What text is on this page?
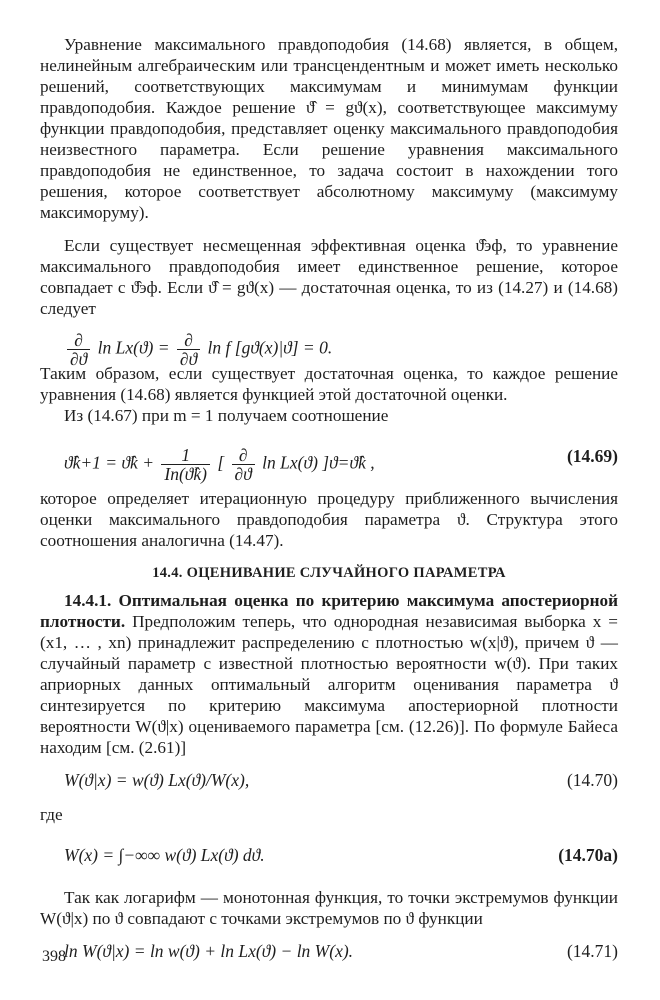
Уравнение максимального правдоподобия (14.68) является, в общем, нелинейным алгебраическим или трансцендентным и может иметь несколько решений, соответствующих максимумам и минимумам функции правдоподобия. Каждое решение ϑ̂ = gϑ(x), соответствующее максимуму функции правдоподобия, представляет оценку максимального правдоподобия неизвестного параметра. Если решение уравнения максимального правдоподобия не единственное, то задача состоит в нахождении того решения, которое соответствует абсолютному максимуму (максимуму максиморуму).

Если существует несмещенная эффективная оценка ϑ̂эф, то уравнение максимального правдоподобия имеет единственное решение, которое совпадает с ϑ̂эф. Если ϑ̂ = gϑ(x) — достаточная оценка, то из (14.27) и (14.68) следует

$\frac{\partial}{\partial ϑ}$ $\ln Lx(ϑ) = \frac{\partial}{\partial ϑ}$ ln f [gϑ(x)|ϑ] = 0.

Таким образом, если существует достаточная оценка, то каждое решение уравнения (14.68) является функцией этой достаточной оценки.

Из (14.67) при m = 1 получаем соотношение

ϑ̂k+1 = ϑ̂k + $\frac{1}{In(ϑ̂k)}$ [ $\frac{\partial}{\partial ϑ}$ ln Lx(ϑ) ]ϑ=ϑ̂k ,	(14.69)

которое определяет итерационную процедуру приближенного вычисления оценки максимального правдоподобия параметра ϑ. Структура этого соотношения аналогична (14.47).

14.4. ОЦЕНИВАНИЕ СЛУЧАЙНОГО ПАРАМЕТРА

14.4.1. Оптимальная оценка по критерию максимума апостериорной плотности. Предположим теперь, что однородная независимая выборка x = (x1, … , xn) принадлежит распределению с плотностью w(x|ϑ), причем ϑ — случайный параметр с известной плотностью вероятности w(ϑ). При таких априорных данных оптимальный алгоритм оценивания параметра ϑ синтезируется по критерию максимума апостериорной плотности вероятности W(ϑ|x) оцениваемого параметра [см. (12.26)]. По формуле Байеса находим [см. (2.61)]

W(ϑ|x) = w(ϑ) Lx(ϑ)/W(x),	(14.70)

где

W(x) = ∫−∞∞ w(ϑ) Lx(ϑ) dϑ.	(14.70a)

Так как логарифм — монотонная функция, то точки экстремумов функции W(ϑ|x) по ϑ совпадают с точками экстремумов по ϑ функции

ln W(ϑ|x) = ln w(ϑ) + ln Lx(ϑ) − ln W(x).	(14.71)
398
